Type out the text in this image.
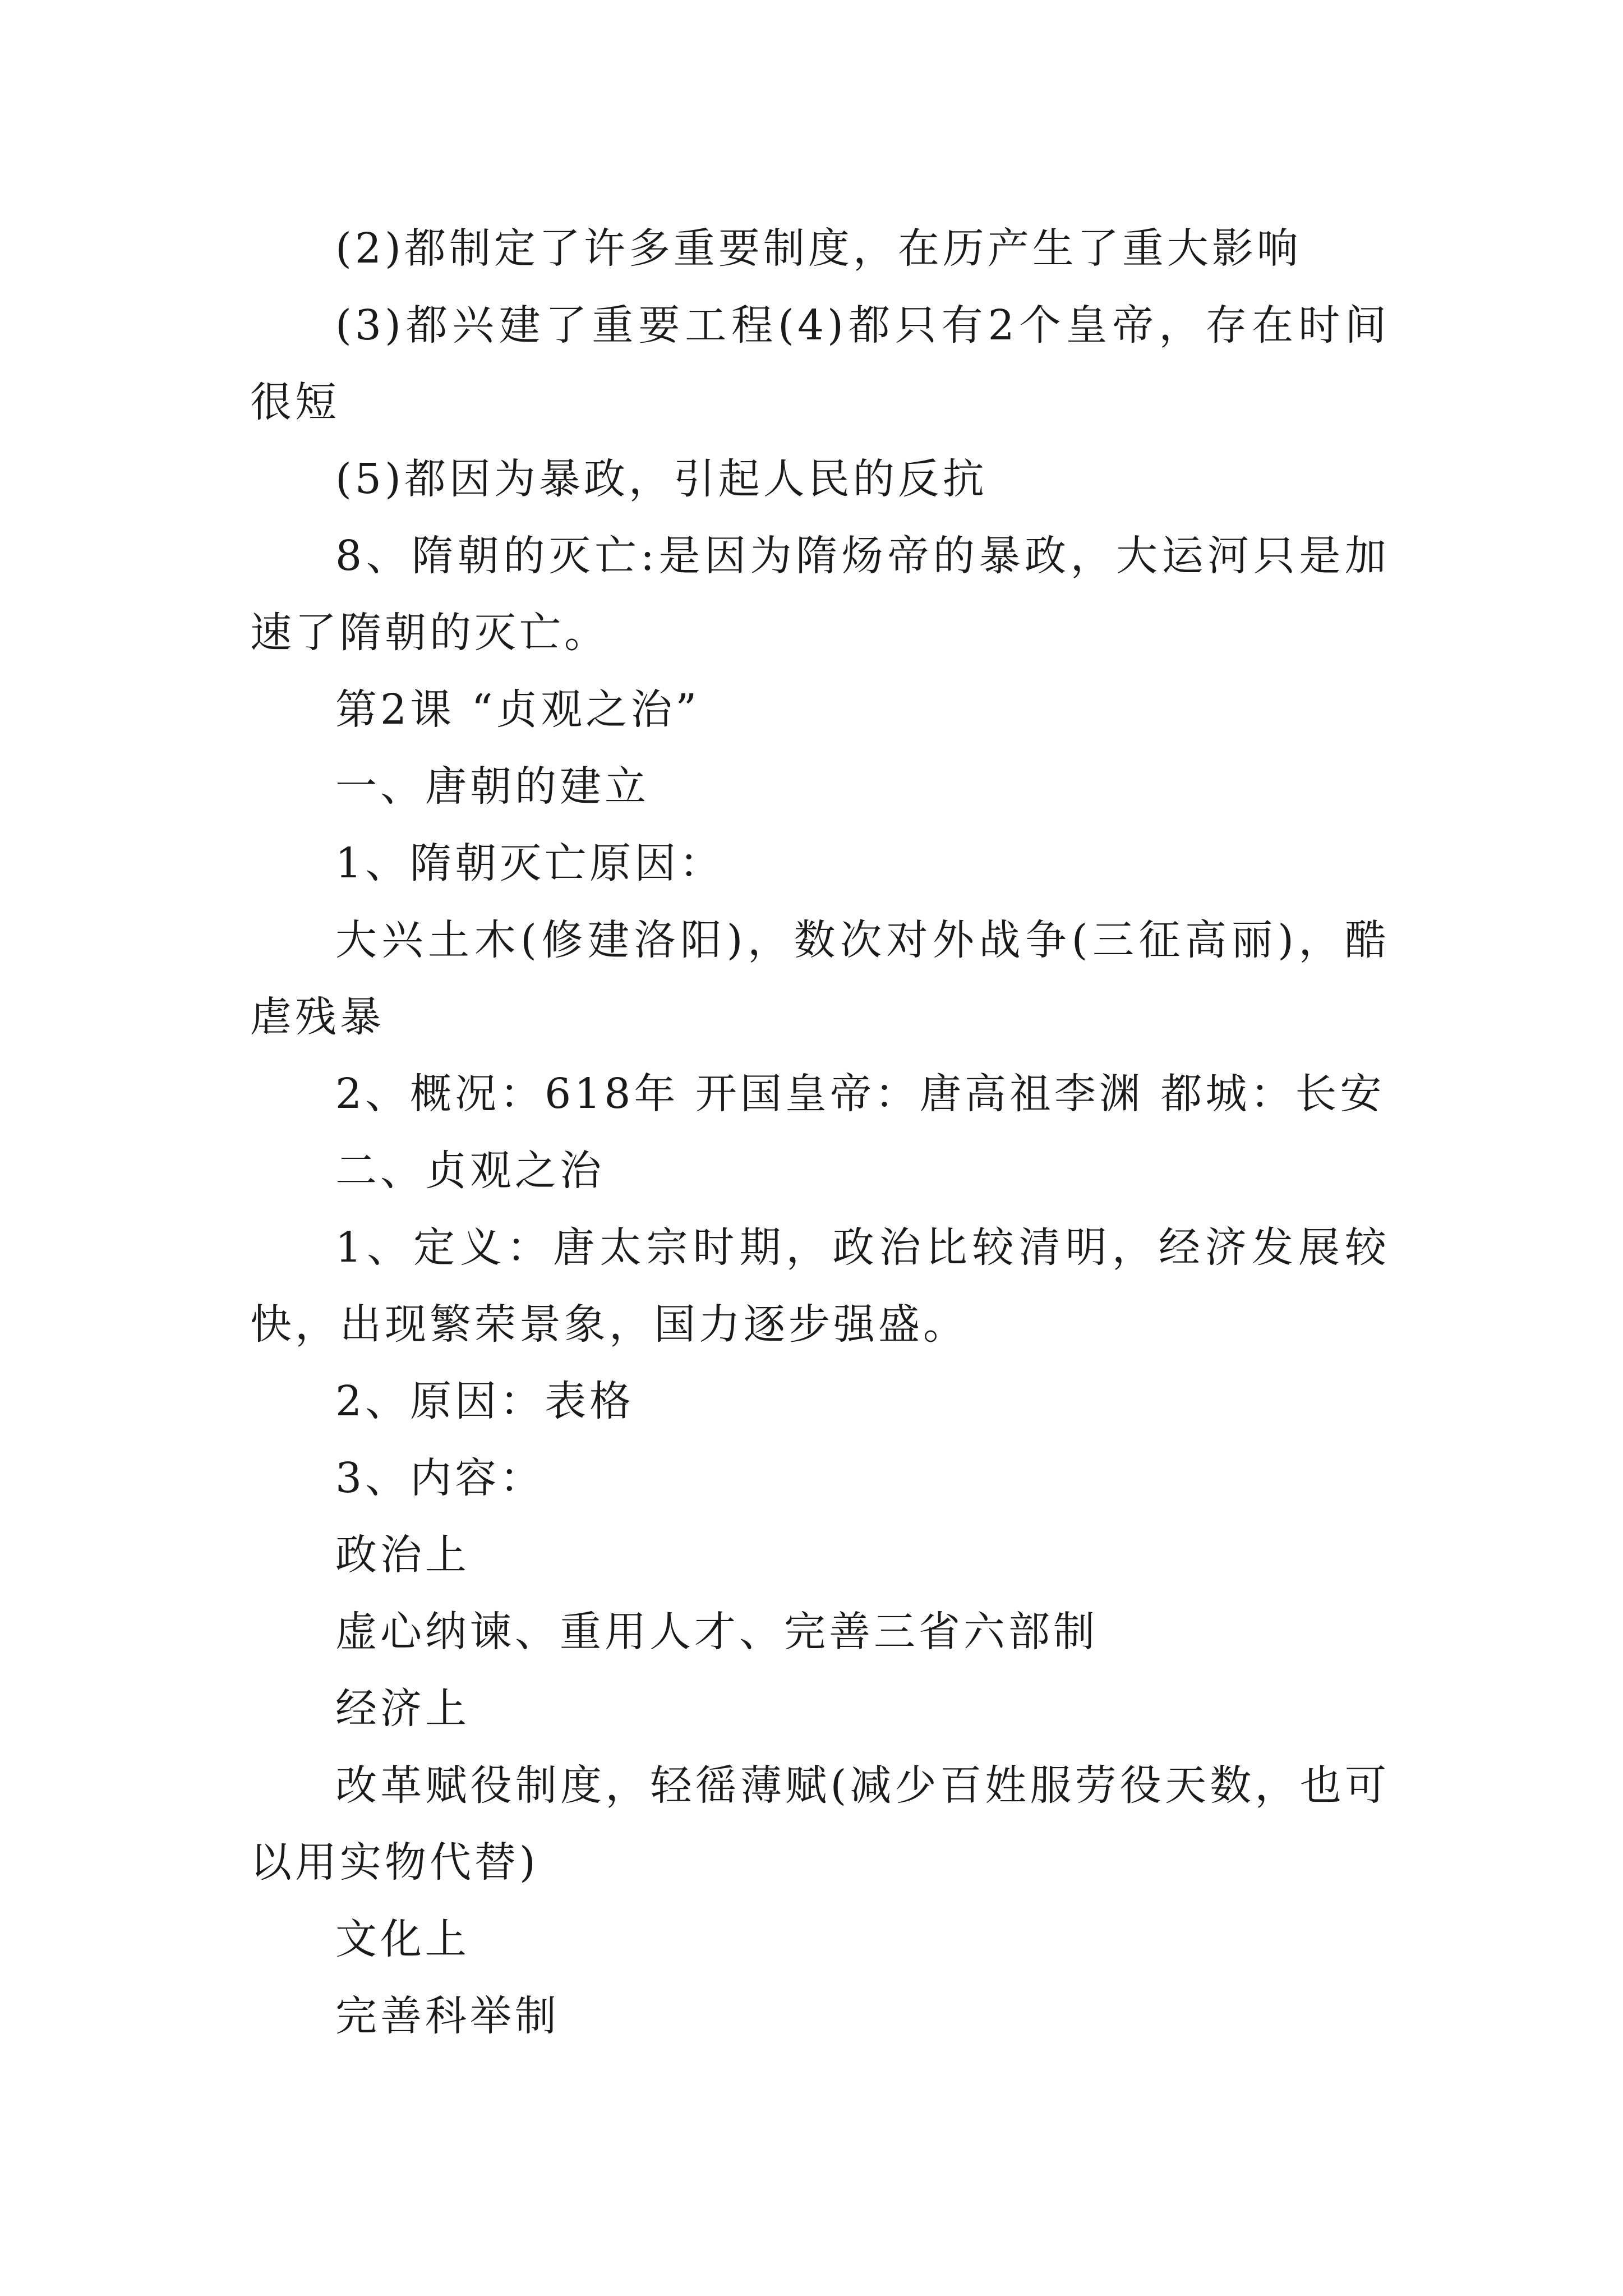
(2)都制定了许多重要制度，在历产生了重大影响

(3)都兴建了重要工程(4)都只有2个皇帝，存在时间很短

(5)都因为暴政，引起人民的反抗

8、隋朝的灭亡:是因为隋炀帝的暴政，大运河只是加速了隋朝的灭亡。

第2课 “贞观之治”

一、唐朝的建立

1、隋朝灭亡原因：

大兴土木(修建洛阳)，数次对外战争(三征高丽)，酷虐残暴

2、概况：618年 开国皇帝：唐高祖李渊 都城：长安

二、贞观之治

1、定义：唐太宗时期，政治比较清明，经济发展较快，出现繁荣景象，国力逐步强盛。

2、原因：表格

3、内容：

政治上

虚心纳谏、重用人才、完善三省六部制

经济上

改革赋役制度，轻徭薄赋(减少百姓服劳役天数，也可以用实物代替)

文化上

完善科举制
